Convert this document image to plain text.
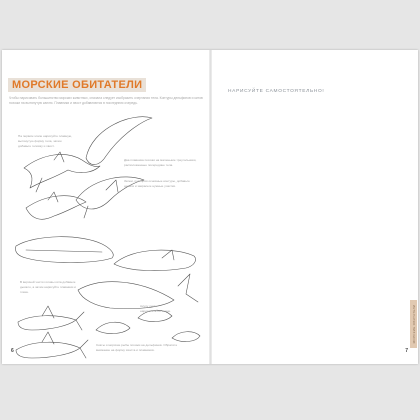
МОРСКИЕ ОБИТАТЕЛИ
Чтобы нарисовать большинство морских животных, сначала следует изобразить очертания тела. Контуры дельфинов и китов похожи на вытянутую каплю. Плавники и хвост добавляются в последнюю очередь.
На первом этапе нарисуйте плавную, вытянутую форму тела, затем добавьте головку и хвост.
Два плавника похожи на маленькие треугольники, расположенные посередине тела.
Затем, повторяя основные контуры, добавьте детали и закрасьте нужные участки.
В верхней части головы кита добавьте дыхало, а затем нарисуйте плавники и глаза.
Акулу легко нарисовать по схеме.
Скаты и морские рыбы похожи на дельфинов. Обратите внимание на форму хвоста и плавников.
6
НАРИСУЙТЕ САМОСТОЯТЕЛЬНО!
МОРСКИЕ ОБИТАТЕЛИ
7
